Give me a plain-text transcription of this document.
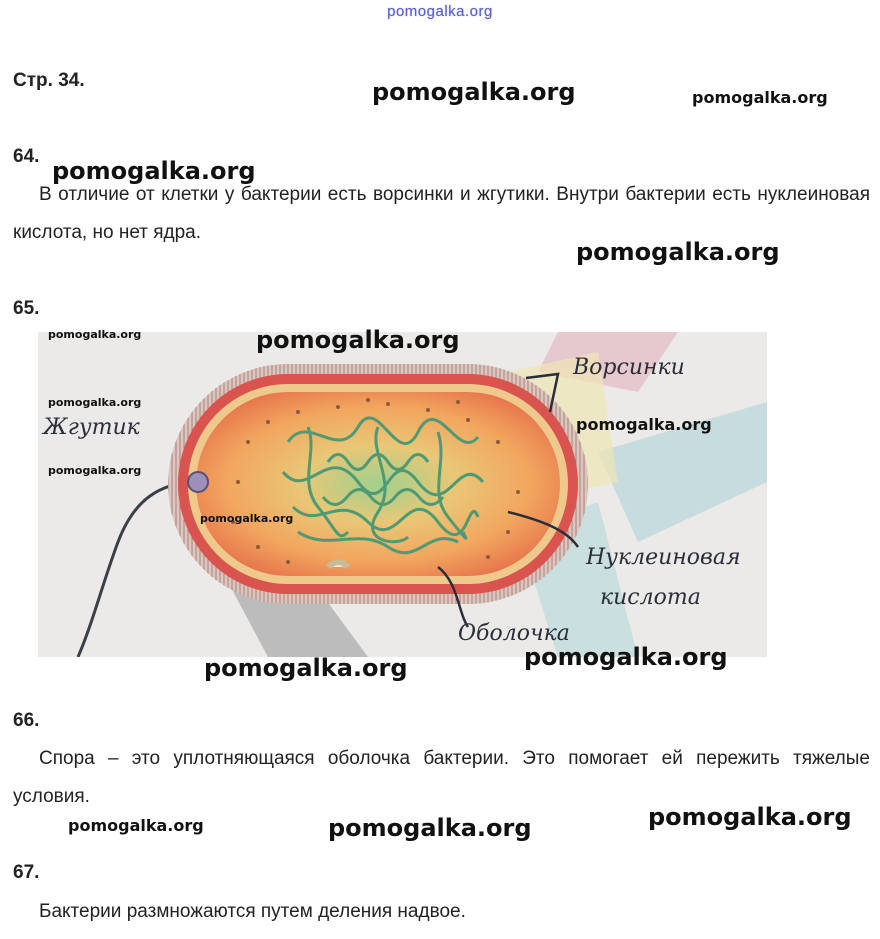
pomogalka.org
Стр. 34.
64.

В отличие от клетки у бактерии есть ворсинки и жгутики. Внутри бактерии есть нуклеиновая кислота, но нет ядра.

65.
Ворсинки
Жгутик
Нуклеиновая
кислота
Оболочка
66.

Спора – это уплотняющаяся оболочка бактерии. Это помогает ей пережить тяжелые условия.

67.

Бактерии размножаются путем деления надвое.

pomogalka.org	pomogalka.org
pomogalka.org
pomogalka.org
pomogalka.org
pomogalka.org
pomogalka.org
pomogalka.org
pomogalka.org
pomogalka.org
pomogalka.org
pomogalka.org
pomogalka.org
pomogalka.org	pomogalka.org
